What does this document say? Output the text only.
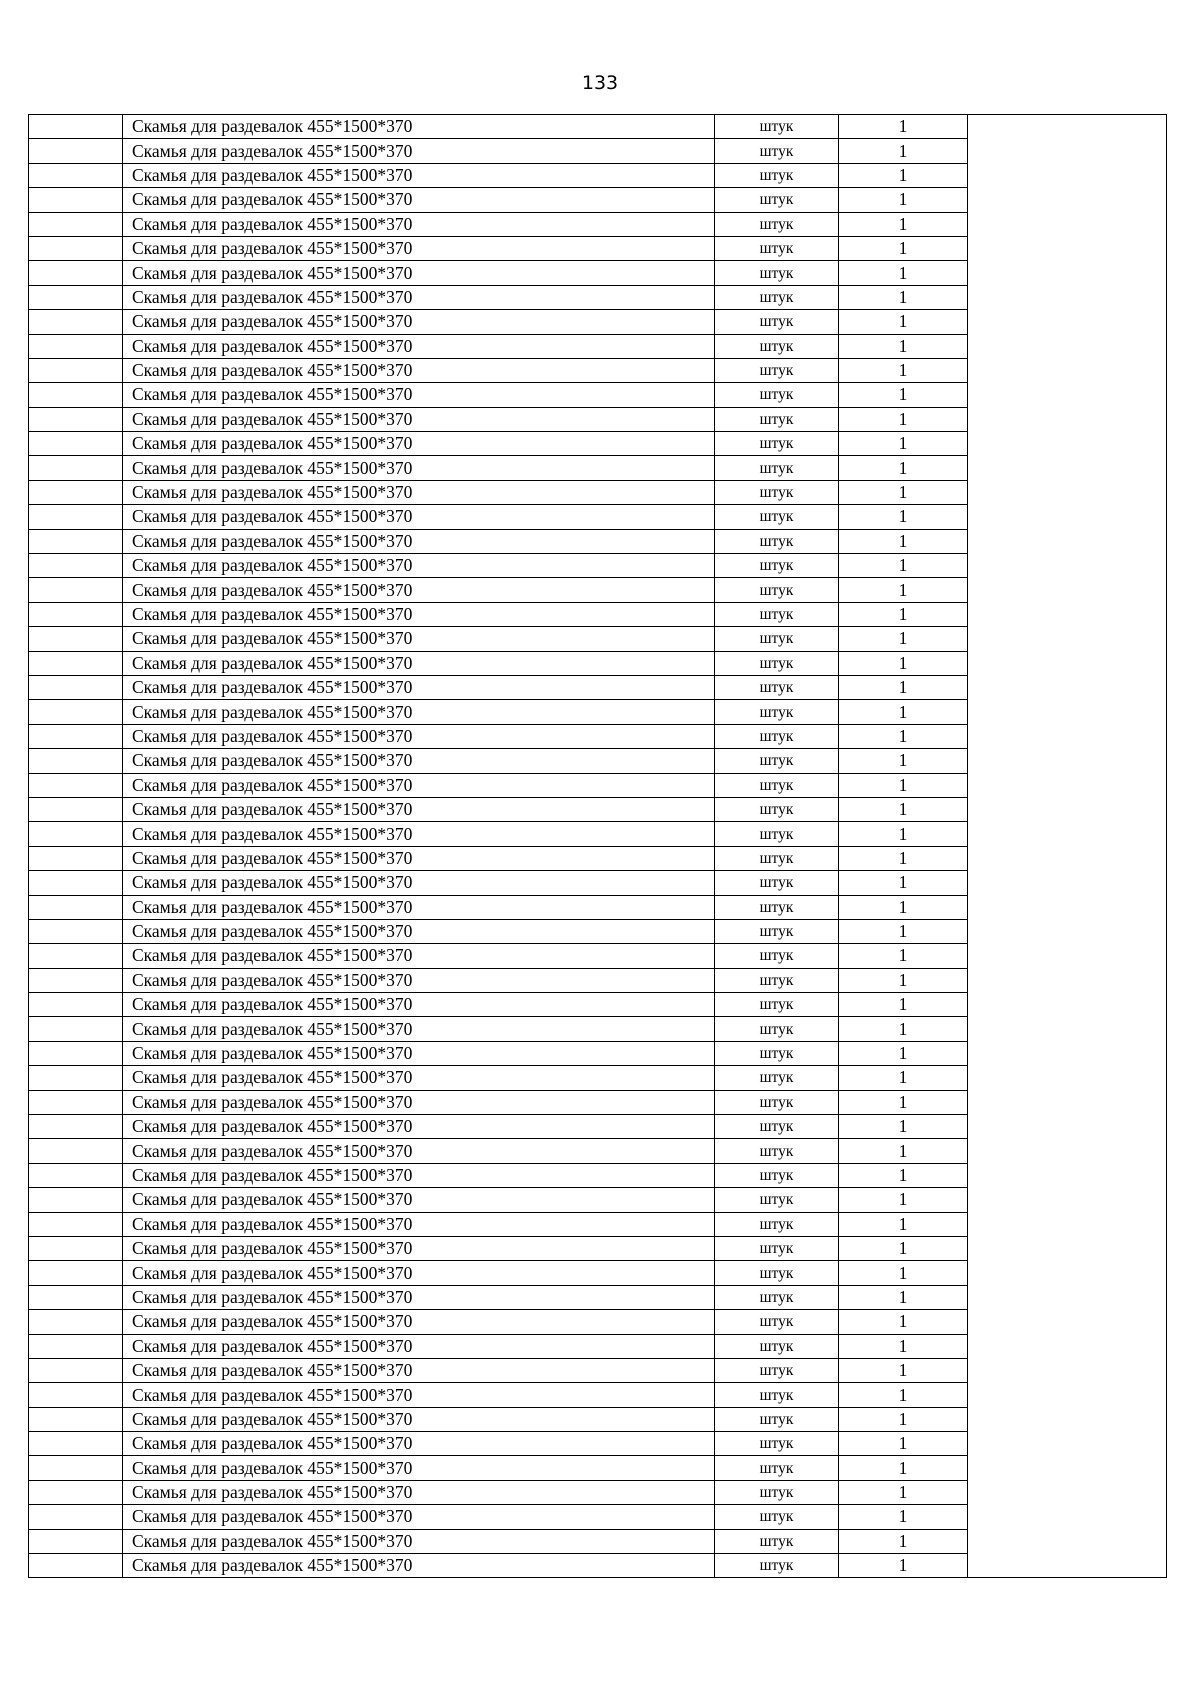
133
	Скамья для раздевалок 455*1500*370	штук	1	
	Скамья для раздевалок 455*1500*370	штук	1	
	Скамья для раздевалок 455*1500*370	штук	1	
	Скамья для раздевалок 455*1500*370	штук	1	
	Скамья для раздевалок 455*1500*370	штук	1	
	Скамья для раздевалок 455*1500*370	штук	1	
	Скамья для раздевалок 455*1500*370	штук	1	
	Скамья для раздевалок 455*1500*370	штук	1	
	Скамья для раздевалок 455*1500*370	штук	1	
	Скамья для раздевалок 455*1500*370	штук	1	
	Скамья для раздевалок 455*1500*370	штук	1	
	Скамья для раздевалок 455*1500*370	штук	1	
	Скамья для раздевалок 455*1500*370	штук	1	
	Скамья для раздевалок 455*1500*370	штук	1	
	Скамья для раздевалок 455*1500*370	штук	1	
	Скамья для раздевалок 455*1500*370	штук	1	
	Скамья для раздевалок 455*1500*370	штук	1	
	Скамья для раздевалок 455*1500*370	штук	1	
	Скамья для раздевалок 455*1500*370	штук	1	
	Скамья для раздевалок 455*1500*370	штук	1	
	Скамья для раздевалок 455*1500*370	штук	1	
	Скамья для раздевалок 455*1500*370	штук	1	
	Скамья для раздевалок 455*1500*370	штук	1	
	Скамья для раздевалок 455*1500*370	штук	1	
	Скамья для раздевалок 455*1500*370	штук	1	
	Скамья для раздевалок 455*1500*370	штук	1	
	Скамья для раздевалок 455*1500*370	штук	1	
	Скамья для раздевалок 455*1500*370	штук	1	
	Скамья для раздевалок 455*1500*370	штук	1	
	Скамья для раздевалок 455*1500*370	штук	1	
	Скамья для раздевалок 455*1500*370	штук	1	
	Скамья для раздевалок 455*1500*370	штук	1	
	Скамья для раздевалок 455*1500*370	штук	1	
	Скамья для раздевалок 455*1500*370	штук	1	
	Скамья для раздевалок 455*1500*370	штук	1	
	Скамья для раздевалок 455*1500*370	штук	1	
	Скамья для раздевалок 455*1500*370	штук	1	
	Скамья для раздевалок 455*1500*370	штук	1	
	Скамья для раздевалок 455*1500*370	штук	1	
	Скамья для раздевалок 455*1500*370	штук	1	
	Скамья для раздевалок 455*1500*370	штук	1	
	Скамья для раздевалок 455*1500*370	штук	1	
	Скамья для раздевалок 455*1500*370	штук	1	
	Скамья для раздевалок 455*1500*370	штук	1	
	Скамья для раздевалок 455*1500*370	штук	1	
	Скамья для раздевалок 455*1500*370	штук	1	
	Скамья для раздевалок 455*1500*370	штук	1	
	Скамья для раздевалок 455*1500*370	штук	1	
	Скамья для раздевалок 455*1500*370	штук	1	
	Скамья для раздевалок 455*1500*370	штук	1	
	Скамья для раздевалок 455*1500*370	штук	1	
	Скамья для раздевалок 455*1500*370	штук	1	
	Скамья для раздевалок 455*1500*370	штук	1	
	Скамья для раздевалок 455*1500*370	штук	1	
	Скамья для раздевалок 455*1500*370	штук	1	
	Скамья для раздевалок 455*1500*370	штук	1	
	Скамья для раздевалок 455*1500*370	штук	1	
	Скамья для раздевалок 455*1500*370	штук	1	
	Скамья для раздевалок 455*1500*370	штук	1	
	Скамья для раздевалок 455*1500*370	штук	1	
